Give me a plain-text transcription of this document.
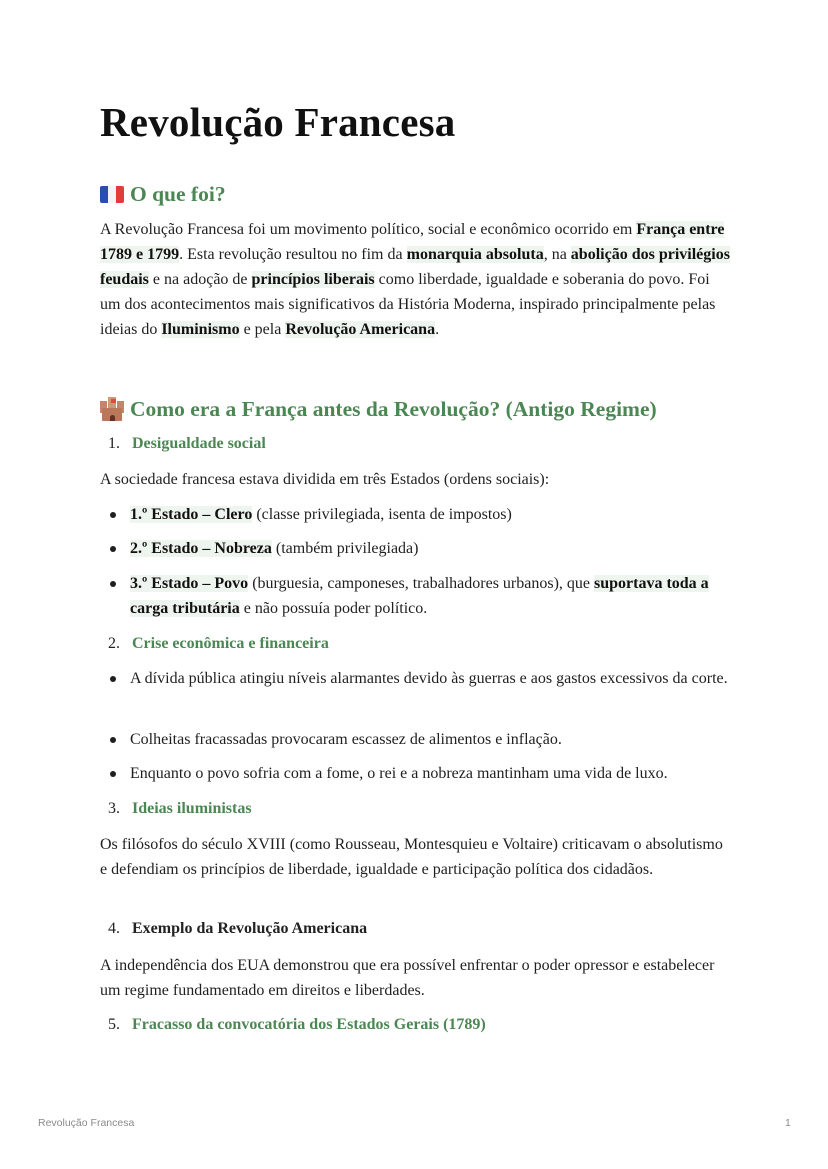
Revolução Francesa
O que foi?

A Revolução Francesa foi um movimento político, social e econômico ocorrido em França entre 1789 e 1799. Esta revolução resultou no fim da monarquia absoluta, na abolição dos privilégios feudais e na adoção de princípios liberais como liberdade, igualdade e soberania do povo. Foi um dos acontecimentos mais significativos da História Moderna, inspirado principalmente pelas ideias do Iluminismo e pela Revolução Americana.

Como era a França antes da Revolução? (Antigo Regime)
1. Desigualdade social

A sociedade francesa estava dividida em três Estados (ordens sociais):

1.º Estado – Clero (classe privilegiada, isenta de impostos)
2.º Estado – Nobreza (também privilegiada)
3.º Estado – Povo (burguesia, camponeses, trabalhadores urbanos), que suportava toda a carga tributária e não possuía poder político.
2. Crise econômica e financeira
A dívida pública atingiu níveis alarmantes devido às guerras e aos gastos excessivos da corte.
Colheitas fracassadas provocaram escassez de alimentos e inflação.
Enquanto o povo sofria com a fome, o rei e a nobreza mantinham uma vida de luxo.
3. Ideias iluministas

Os filósofos do século XVIII (como Rousseau, Montesquieu e Voltaire) criticavam o absolutismo e defendiam os princípios de liberdade, igualdade e participação política dos cidadãos.

4. Exemplo da Revolução Americana

A independência dos EUA demonstrou que era possível enfrentar o poder opressor e estabelecer um regime fundamentado em direitos e liberdades.

5. Fracasso da convocatória dos Estados Gerais (1789)
Revolução Francesa	1
